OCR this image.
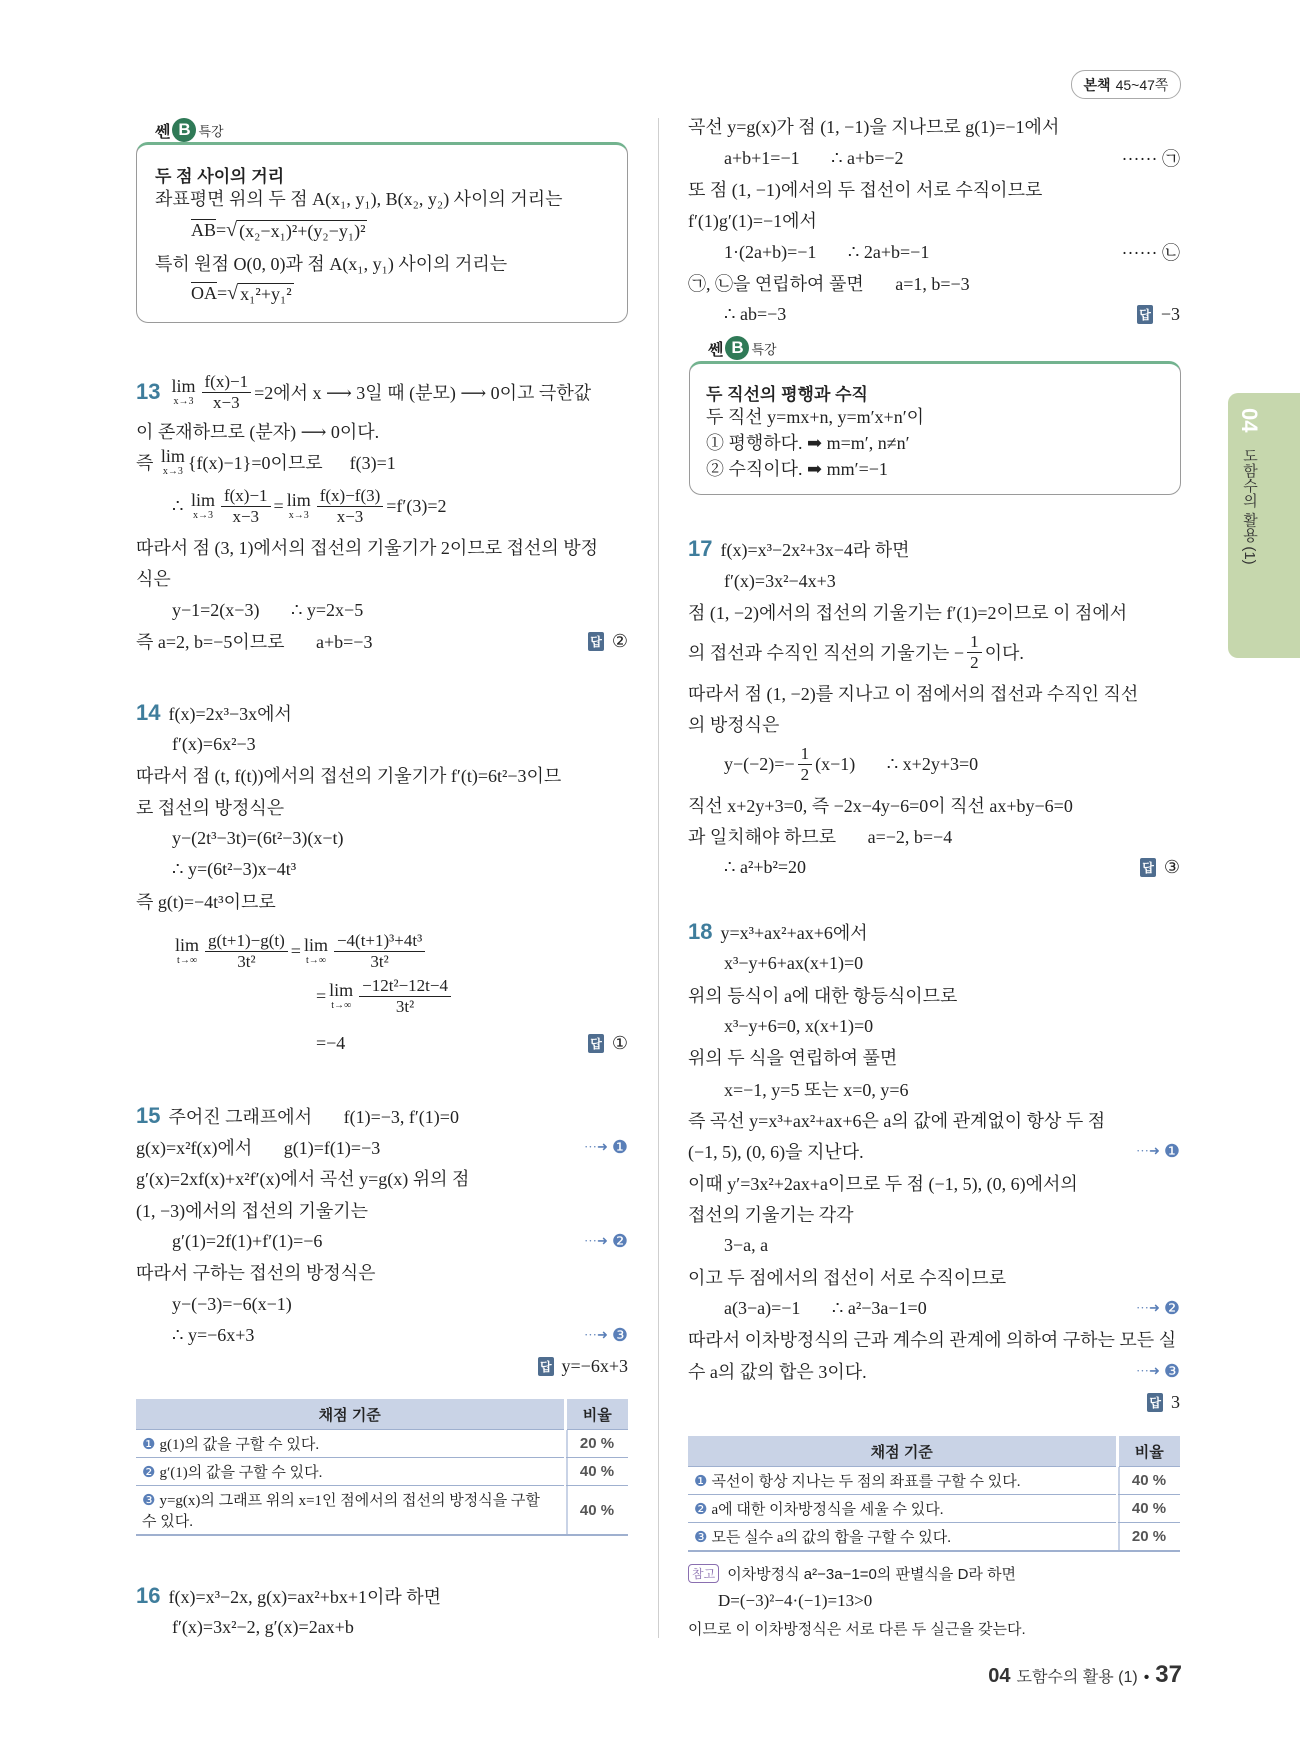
본책 45~47쪽
04
도함수의 활용 (1)
쎈 B 특강
두 점 사이의 거리
쎈 B 특강
두 직선의 평행과 수직
좌표평면 위의 두 점 A(x₁, y₁), B(x₂, y₂) 사이의 거리는
$\overline{AB}$ = √ (x₂−x₁)²+(y₂−y₁)²
특히 원점 O(0, 0)과 점 A(x₁, y₁) 사이의 거리는
$\overline{OA}$ = √ x₁²+y₁²
13 lim
$x\to 3 \frac{f(x)-1}{x-3} =2$에서 x ⟶ 3일 때 (분모) ⟶ 0이고 극한값
이 존재하므로 (분자) ⟶ 0이다.
즉 lim
x→3 {f(x)−1}=0이므로      f(3)=1
∴ lim
$x\to 3 \frac{f(x)-1}{x-3} = \lim$
$x\to 3 \frac{f(x)-f(3)}{x-3} =f'(3)=2$
따라서 점 (3, 1)에서의 접선의 기울기가 2이므로 접선의 방정
식은
y−1=2(x−3)       ∴ y=2x−5
즉 a=2, b=−5이므로       a+b=−3	답 ②
14 f(x)=2x³−3x에서
f′(x)=6x²−3
따라서 점 (t, f(t))에서의 접선의 기울기가 f′(t)=6t²−3이므
로 접선의 방정식은
y−(2t³−3t)=(6t²−3)(x−t)
∴ y=(6t²−3)x−4t³
즉 g(t)=−4t³이므로
lim
$t\to\infty \frac{g(t+1)-g(t)}{\text{3t²}} = \lim$
$t\to\infty \frac{\text{−4(t+1)³+4t³}}{\text{3t²}}$
= lim
$t\to\infty \frac{\text{−12t²−12t−4}}{\text{3t²}}$
=−4	답 ①
15 주어진 그래프에서       f(1)=−3, f′(1)=0
g(x)=x²f(x)에서       g(1)=f(1)=−3	···➜ ❶
g′(x)=2xf(x)+x²f′(x)에서 곡선 y=g(x) 위의 점
(1, −3)에서의 접선의 기울기는
g′(1)=2f(1)+f′(1)=−6	···➜ ❷
따라서 구하는 접선의 방정식은
y−(−3)=−6(x−1)
∴ y=−6x+3	···➜ ❸
답 y=−6x+3
16 f(x)=x³−2x, g(x)=ax²+bx+1이라 하면
f′(x)=3x²−2, g′(x)=2ax+b
곡선 y=g(x)가 점 (1, −1)을 지나므로 g(1)=−1에서
a+b+1=−1       ∴ a+b=−2	······ ㉠
또 점 (1, −1)에서의 두 접선이 서로 수직이므로
f′(1)g′(1)=−1에서
1·(2a+b)=−1       ∴ 2a+b=−1	······ ㉡
㉠, ㉡을 연립하여 풀면       a=1, b=−3
∴ ab=−3	답 −3
두 직선 y=mx+n, y=m′x+n′이
① 평행하다. ➡ m=m′, n≠n′
② 수직이다. ➡ mm′=−1
17 f(x)=x³−2x²+3x−4라 하면
f′(x)=3x²−4x+3
점 (1, −2)에서의 접선의 기울기는 f′(1)=2이므로 이 점에서
의 접선과 수직인 직선의 기울기는 − $\frac{1}{2}$ 이다.
따라서 점 (1, −2)를 지나고 이 점에서의 접선과 수직인 직선
의 방정식은
$y-(-2)=- \frac{1}{2} (x-1)$       ∴ x+2y+3=0
직선 x+2y+3=0, 즉 −2x−4y−6=0이 직선 ax+by−6=0
과 일치해야 하므로       a=−2, b=−4
∴ a²+b²=20	답 ③
18 y=x³+ax²+ax+6에서
x³−y+6+ax(x+1)=0
위의 등식이 a에 대한 항등식이므로
x³−y+6=0, x(x+1)=0
위의 두 식을 연립하여 풀면
x=−1, y=5 또는 x=0, y=6
즉 곡선 y=x³+ax²+ax+6은 a의 값에 관계없이 항상 두 점
(−1, 5), (0, 6)을 지난다.	···➜ ❶
이때 y′=3x²+2ax+a이므로 두 점 (−1, 5), (0, 6)에서의
접선의 기울기는 각각
3−a, a
이고 두 점에서의 접선이 서로 수직이므로
a(3−a)=−1       ∴ a²−3a−1=0	···➜ ❷
따라서 이차방정식의 근과 계수의 관계에 의하여 구하는 모든 실
수 a의 값의 합은 3이다.	···➜ ❸
답 3
채점 기준	비율
❶ g(1)의 값을 구할 수 있다.	20 %
❷ g′(1)의 값을 구할 수 있다.	40 %
❸ y=g(x)의 그래프 위의 x=1인 점에서의 접선의 방정식을 구할 수 있다.	40 %
채점 기준	비율
❶ 곡선이 항상 지나는 두 점의 좌표를 구할 수 있다.	40 %
❷ a에 대한 이차방정식을 세울 수 있다.	40 %
❸ 모든 실수 a의 값의 합을 구할 수 있다.	20 %
참고 이차방정식 a²−3a−1=0의 판별식을 D라 하면
D=(−3)²−4·(−1)=13>0
이므로 이 이차방정식은 서로 다른 두 실근을 갖는다.
04 도함수의 활용 (1) • 37
